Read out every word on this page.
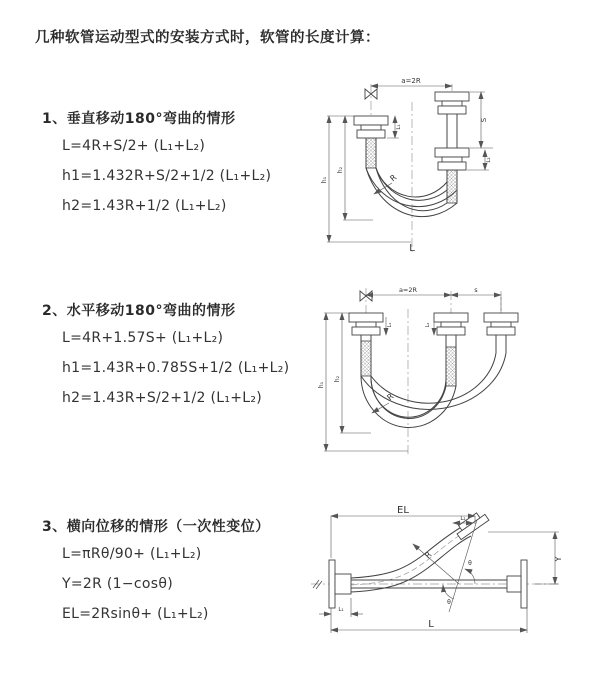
几种软管运动型式的安装方式时，软管的长度计算：
1、垂直移动180°弯曲的情形
L=4R+S/2+ (L₁+L₂)
h1=1.432R+S/2+1/2 (L₁+L₂)
h2=1.43R+1/2 (L₁+L₂)
2、水平移动180°弯曲的情形
L=4R+1.57S+ (L₁+L₂)
h1=1.43R+0.785S+1/2 (L₁+L₂)
h2=1.43R+S/2+1/2 (L₁+L₂)
3、横向位移的情形（一次性变位）
L=πRθ/90+ (L₁+L₂)
Y=2R (1−cosθ)
EL=2Rsinθ+ (L₁+L₂)
a=2R
S
L₂
h₁
h₂
L₁
R
L
a=2R	s
h₁
h₂
L₁	L₂
R
EL
L₂
Y
R
θ
θ
L
L₁
